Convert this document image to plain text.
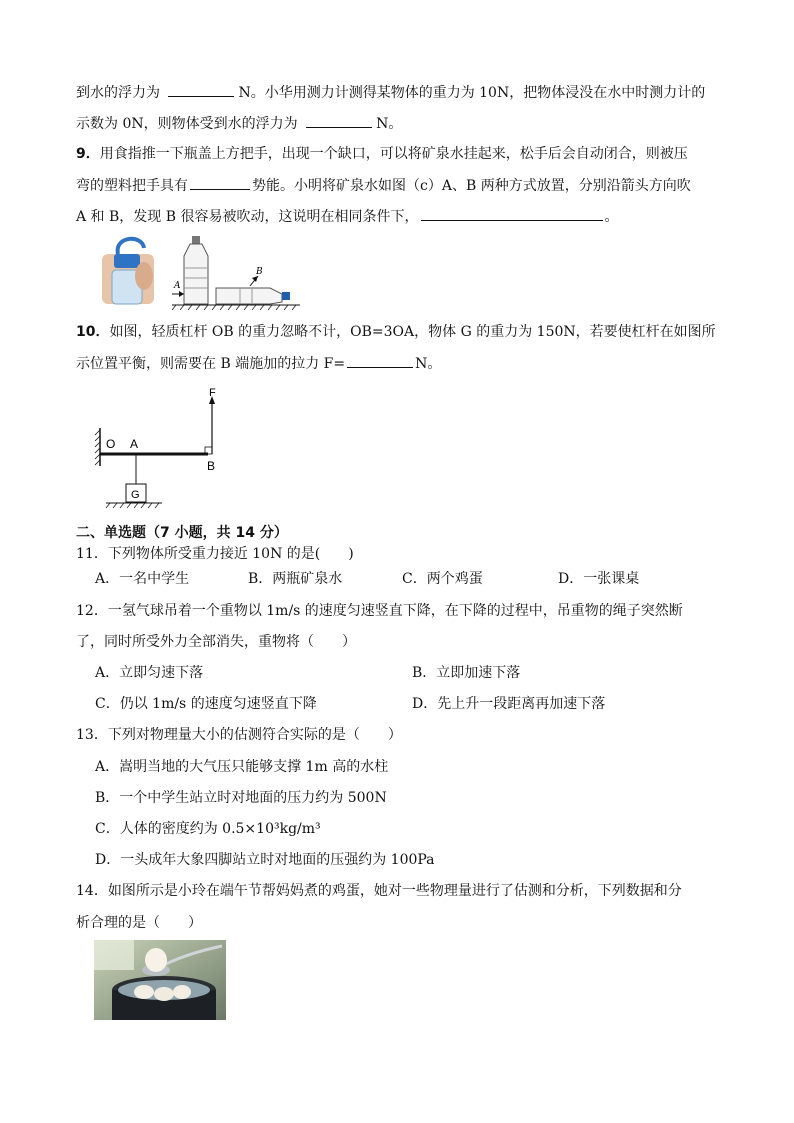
到水的浮力为	N。小华用测力计测得某物体的重力为 10N，把物体浸没在水中时测力计的
示数为 0N，则物体受到水的浮力为	N。
9．用食指推一下瓶盖上方把手，出现一个缺口，可以将矿泉水挂起来，松手后会自动闭合，则被压
弯的塑料把手具有	势能。小明将矿泉水如图（c）A、B 两种方式放置，分别沿箭头方向吹
A 和 B，发现 B 很容易被吹动，这说明在相同条件下，	。
A
B
10．如图，轻质杠杆 OB 的重力忽略不计，OB=3OA，物体 G 的重力为 150N，若要使杠杆在如图所
示位置平衡，则需要在 B 端施加的拉力 F=	N。
F
O A
B
G
二、单选题（7 小题，共 14 分）
11．下列物体所受重力接近 10N 的是(　　)
A．一名中学生	B．两瓶矿泉水	C．两个鸡蛋	D．一张课桌
12．一氢气球吊着一个重物以 1m/s 的速度匀速竖直下降，在下降的过程中，吊重物的绳子突然断
了，同时所受外力全部消失，重物将（　　）
A．立即匀速下落	B．立即加速下落
C．仍以 1m/s 的速度匀速竖直下降	D．先上升一段距离再加速下落
13．下列对物理量大小的估测符合实际的是（　　）
A．嵩明当地的大气压只能够支撑 1m 高的水柱
B．一个中学生站立时对地面的压力约为 500N
C．人体的密度约为 0.5×10³kg/m³
D．一头成年大象四脚站立时对地面的压强约为 100Pa
14．如图所示是小玲在端午节帮妈妈煮的鸡蛋，她对一些物理量进行了估测和分析，下列数据和分
析合理的是（　　）
